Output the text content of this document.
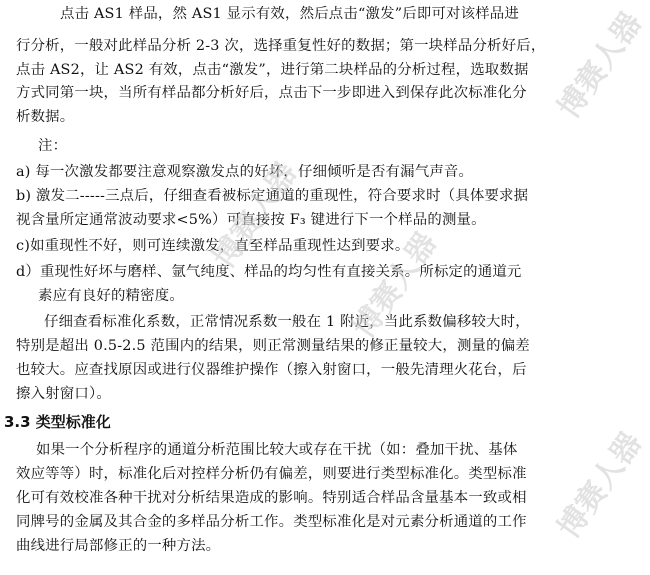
点击 AS1 样品，然 AS1 显示有效，然后点击“激发”后即可对该样品进
行分析，一般对此样品分析 2-3 次，选择重复性好的数据；第一块样品分析好后，
点击 AS2，让 AS2 有效，点击“激发”，进行第二块样品的分析过程，选取数据
方式同第一块，当所有样品都分析好后，点击下一步即进入到保存此次标准化分
析数据。
注：
a) 每一次激发都要注意观察激发点的好坏，仔细倾听是否有漏气声音。
b) 激发二-----三点后，仔细查看被标定通道的重现性，符合要求时（具体要求据
视含量所定通常波动要求<5%）可直接按 F₃ 键进行下一个样品的测量。
c)如重现性不好，则可连续激发，直至样品重现性达到要求。
d）重现性好坏与磨样、氩气纯度、样品的均匀性有直接关系。所标定的通道元
素应有良好的精密度。
仔细查看标准化系数，正常情况系数一般在 1 附近，当此系数偏移较大时，
特别是超出 0.5-2.5 范围内的结果，则正常测量结果的修正量较大，测量的偏差
也较大。应查找原因或进行仪器维护操作（擦入射窗口，一般先清理火花台，后
擦入射窗口）。
3.3 类型标准化
如果一个分析程序的通道分析范围比较大或存在干扰（如：叠加干扰、基体
效应等等）时，标准化后对控样分析仍有偏差，则要进行类型标准化。类型标准
化可有效校准各种干扰对分析结果造成的影响。特别适合样品含量基本一致或相
同牌号的金属及其合金的多样品分析工作。类型标准化是对元素分析通道的工作
曲线进行局部修正的一种方法。
博赛人器
博赛人器
博赛人器
博赛人器
